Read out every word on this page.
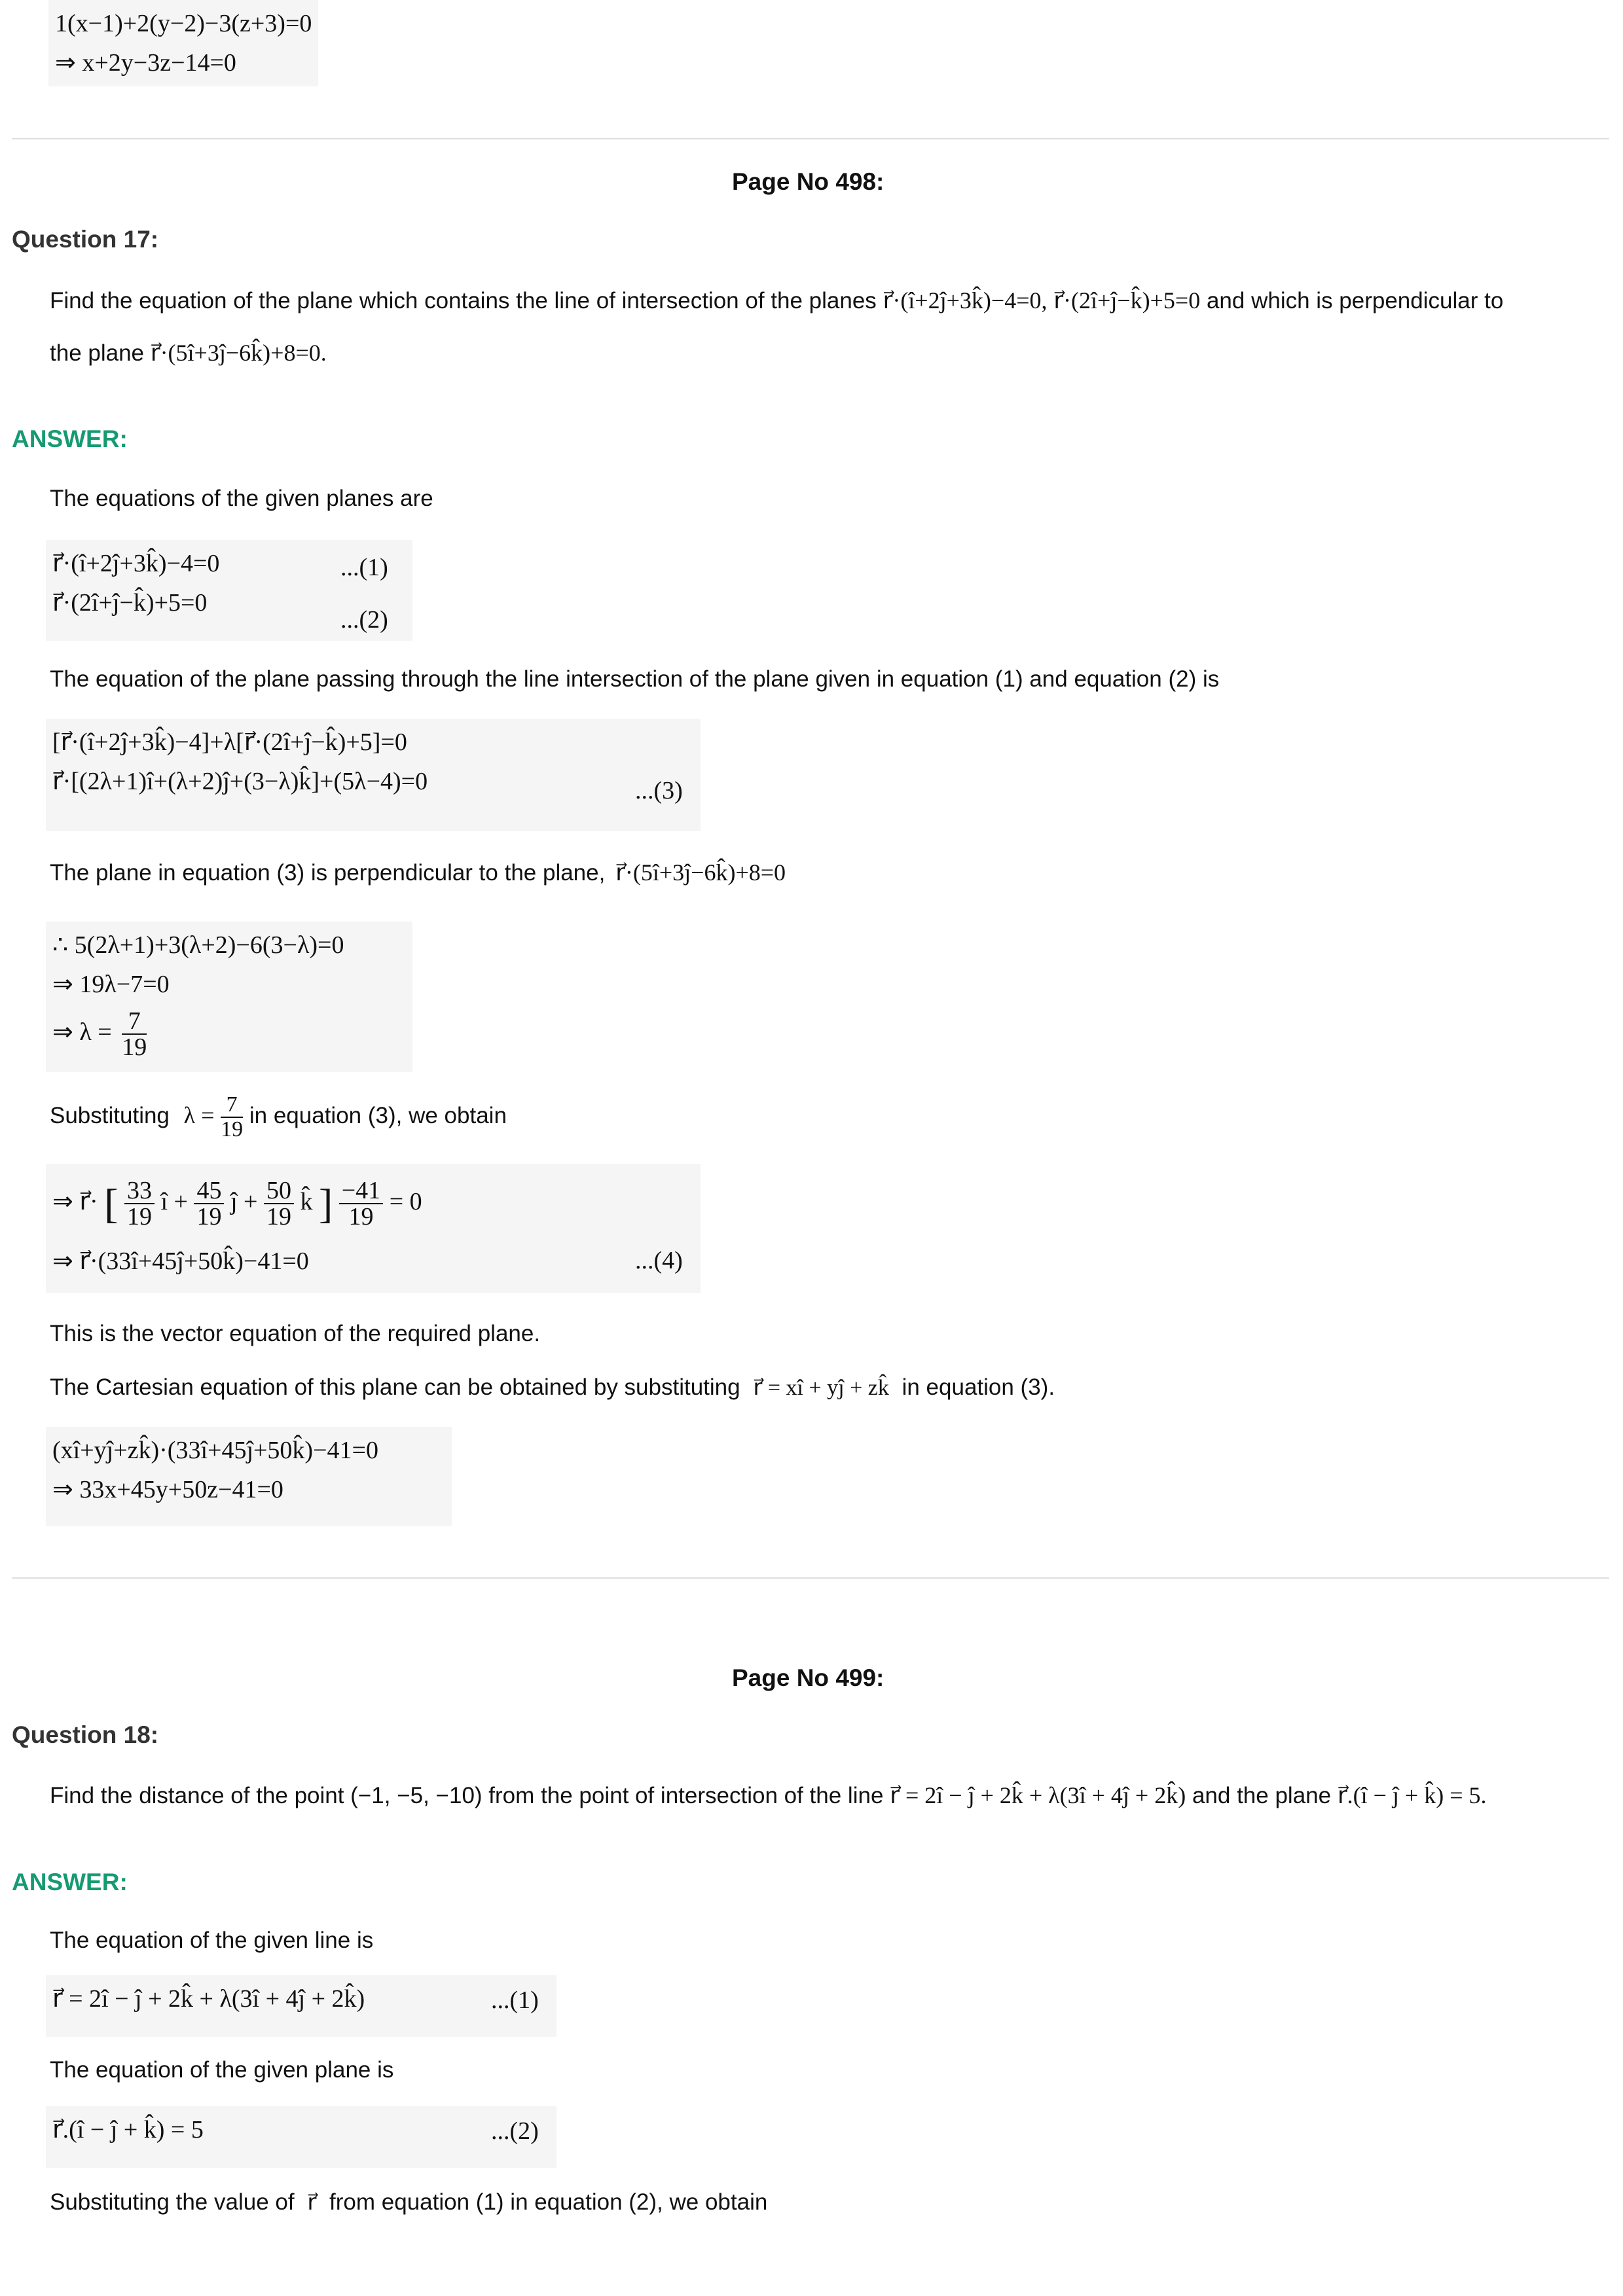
1(x−1)+2(y−2)−3(z+3)=0
⇒ x+2y−3z−14=0
Page No 498:
Question 17:
Find the equation of the plane which contains the line of intersection of the planes r⃗·(î+2ĵ+3k̂)−4=0, r⃗·(2î+ĵ−k̂)+5=0 and which is perpendicular to
the plane r⃗·(5î+3ĵ−6k̂)+8=0.
ANSWER:
The equations of the given planes are
r⃗·(î+2ĵ+3k̂)−4=0
r⃗·(2î+ĵ−k̂)+5=0
...(1)
...(2)
The equation of the plane passing through the line intersection of the plane given in equation (1) and equation (2) is
[r⃗·(î+2ĵ+3k̂)−4]+λ[r⃗·(2î+ĵ−k̂)+5]=0
r⃗·[(2λ+1)î+(λ+2)ĵ+(3−λ)k̂]+(5λ−4)=0	...(3)
The plane in equation (3) is perpendicular to the plane, r⃗·(5î+3ĵ−6k̂)+8=0
∴ 5(2λ+1)+3(λ+2)−6(3−λ)=0
⇒ 19λ−7=0
⇒ $\lambda = \frac{7}{19}$
Substituting $\lambda = \frac{7}{19}$ in equation (3), we obtain
⇒ r⃗· [ $\frac{33}{19}$ î + $\frac{45}{19}$ ĵ + $\frac{50}{19}$ k̂ ] $\frac{-41}{19} = 0$
⇒ r⃗·(33î+45ĵ+50k̂)−41=0	...(4)
This is the vector equation of the required plane.
The Cartesian equation of this plane can be obtained by substituting r⃗ = xî + yĵ + zk̂ in equation (3).
(xî+yĵ+zk̂)·(33î+45ĵ+50k̂)−41=0
⇒ 33x+45y+50z−41=0
Page No 499:
Question 18:
Find the distance of the point (−1, −5, −10) from the point of intersection of the line r⃗ = 2î − ĵ + 2k̂ + λ(3î + 4ĵ + 2k̂) and the plane r⃗.(î − ĵ + k̂) = 5.
ANSWER:
The equation of the given line is
r⃗ = 2î − ĵ + 2k̂ + λ(3î + 4ĵ + 2k̂)	...(1)
The equation of the given plane is
r⃗.(î − ĵ + k̂) = 5	...(2)
Substituting the value of r⃗ from equation (1) in equation (2), we obtain
